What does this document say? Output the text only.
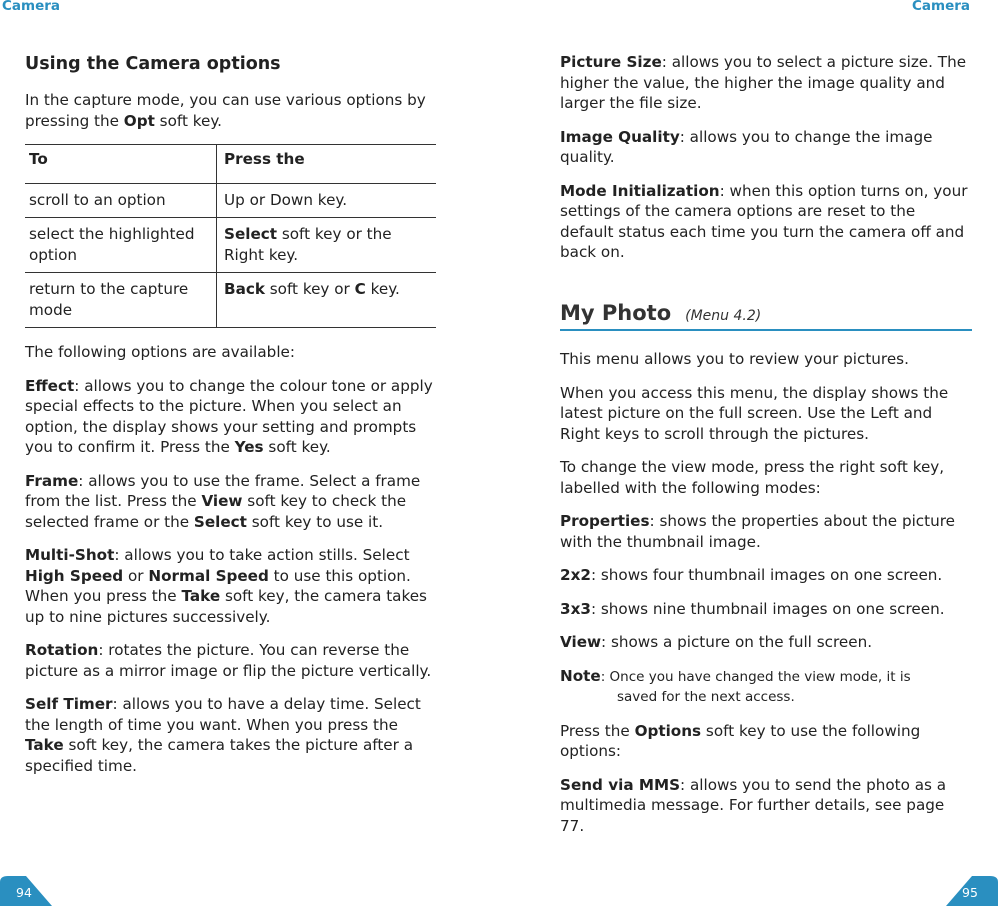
Camera	Camera
Using the Camera options

In the capture mode, you can use various options by pressing the Opt soft key.

To	Press the
scroll to an option	Up or Down key.
select the highlighted option	Select soft key or the Right key.
return to the capture mode	Back soft key or C key.

The following options are available:

Effect: allows you to change the colour tone or apply special effects to the picture. When you select an option, the display shows your setting and prompts you to confirm it. Press the Yes soft key.

Frame: allows you to use the frame. Select a frame from the list. Press the View soft key to check the selected frame or the Select soft key to use it.

Multi-Shot: allows you to take action stills. Select High Speed or Normal Speed to use this option. When you press the Take soft key, the camera takes up to nine pictures successively.

Rotation: rotates the picture. You can reverse the picture as a mirror image or flip the picture vertically.

Self Timer: allows you to have a delay time. Select the length of time you want. When you press the Take soft key, the camera takes the picture after a specified time.

Picture Size: allows you to select a picture size. The higher the value, the higher the image quality and larger the file size.

Image Quality: allows you to change the image quality.

Mode Initialization: when this option turns on, your settings of the camera options are reset to the default status each time you turn the camera off and back on.

My Photo (Menu 4.2)

This menu allows you to review your pictures.

When you access this menu, the display shows the latest picture on the full screen. Use the Left and Right keys to scroll through the pictures.

To change the view mode, press the right soft key, labelled with the following modes:

Properties: shows the properties about the picture with the thumbnail image.

2x2: shows four thumbnail images on one screen.

3x3: shows nine thumbnail images on one screen.

View: shows a picture on the full screen.

Note: Once you have changed the view mode, it is
saved for the next access.

Press the Options soft key to use the following options:

Send via MMS: allows you to send the photo as a multimedia message. For further details, see page 77.

94	95
